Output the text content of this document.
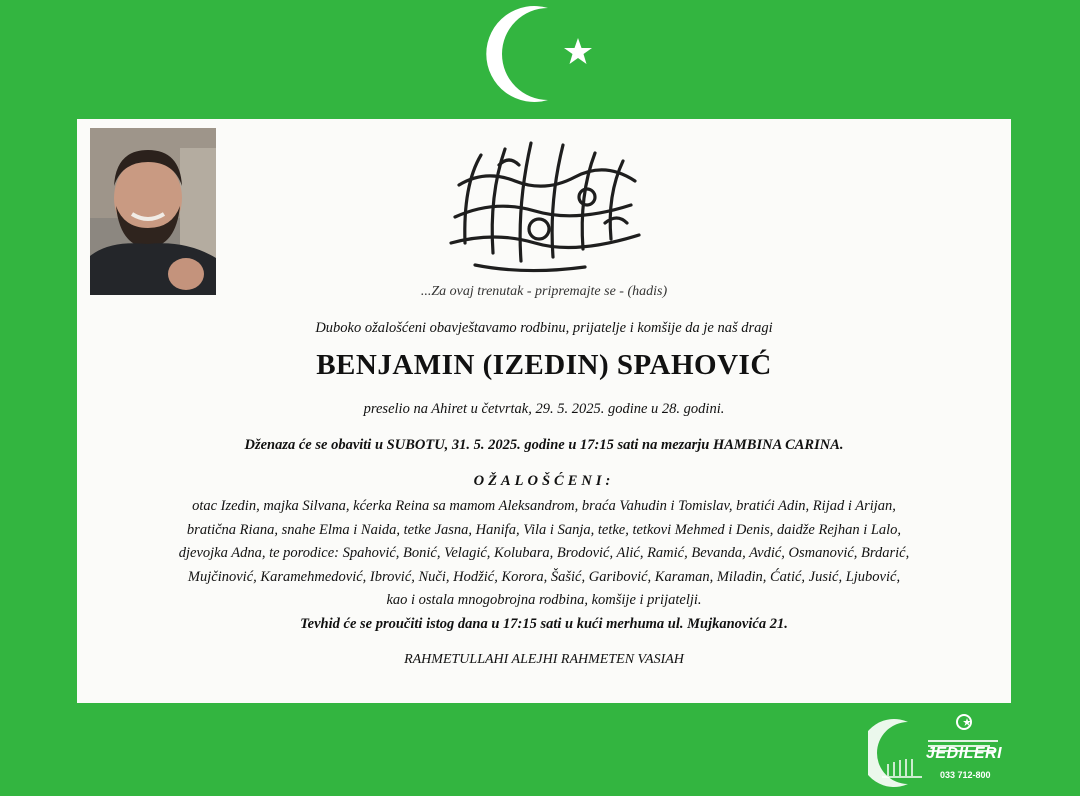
...Za ovaj trenutak - pripremajte se - (hadis)
Duboko ožalošćeni obavještavamo rodbinu, prijatelje i komšije da je naš dragi
BENJAMIN (IZEDIN) SPAHOVIĆ
preselio na Ahiret u četvrtak, 29. 5. 2025. godine u 28. godini.
Dženaza će se obaviti u SUBOTU, 31. 5. 2025. godine u 17:15 sati na mezarju HAMBINA CARINA.
OŽALOŠĆENI:
otac Izedin, majka Silvana, kćerka Reina sa mamom Aleksandrom, braća Vahudin i Tomislav, bratići Adin, Rijad i Arijan,
bratična Riana, snahe Elma i Naida, tetke Jasna, Hanifa, Vila i Sanja, tetke, tetkovi Mehmed i Denis, daidže Rejhan i Lalo,
djevojka Adna, te porodice: Spahović, Bonić, Velagić, Kolubara, Brodović, Alić, Ramić, Bevanda, Avdić, Osmanović, Brdarić,
Mujčinović, Karamehmedović, Ibrović, Nuči, Hodžić, Korora, Šašić, Garibović, Karaman, Miladin, Ćatić, Jusić, Ljubović,
kao i ostala mnogobrojna rodbina, komšije i prijatelji.
Tevhid će se proučiti istog dana u 17:15 sati u kući merhuma ul. Mujkanovića 21.
RAHMETULLAHI ALEJHI RAHMETEN VASIAH
JEDILERI
033 712-800
